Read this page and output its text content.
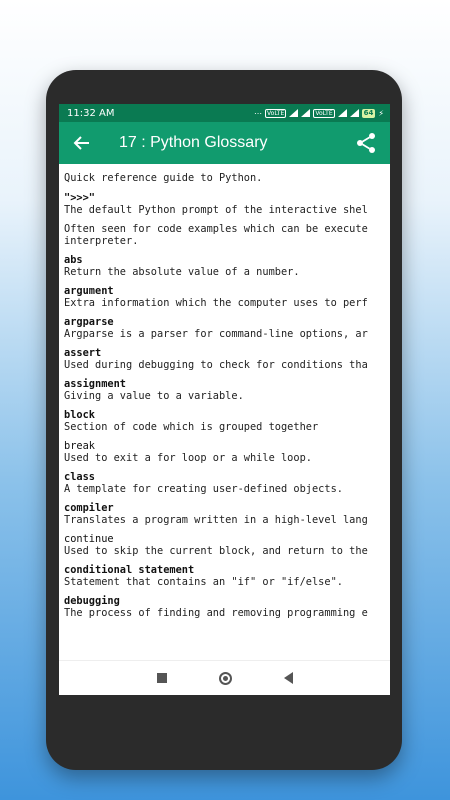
11:32 AM	⋯ VoLTE	VoLTE	64 ⚡
17 : Python Glossary
Quick reference guide to Python.
">>>"
The default Python prompt of the interactive shel
Often seen for code examples which can be execute
interpreter.
abs
Return the absolute value of a number.
argument
Extra information which the computer uses to perf
argparse
Argparse is a parser for command-line options, ar
assert
Used during debugging to check for conditions tha
assignment
Giving a value to a variable.
block
Section of code which is grouped together
break
Used to exit a for loop or a while loop.
class
A template for creating user-defined objects.
compiler
Translates a program written in a high-level lang
continue
Used to skip the current block, and return to the
conditional statement
Statement that contains an "if" or "if/else".
debugging
The process of finding and removing programming e
